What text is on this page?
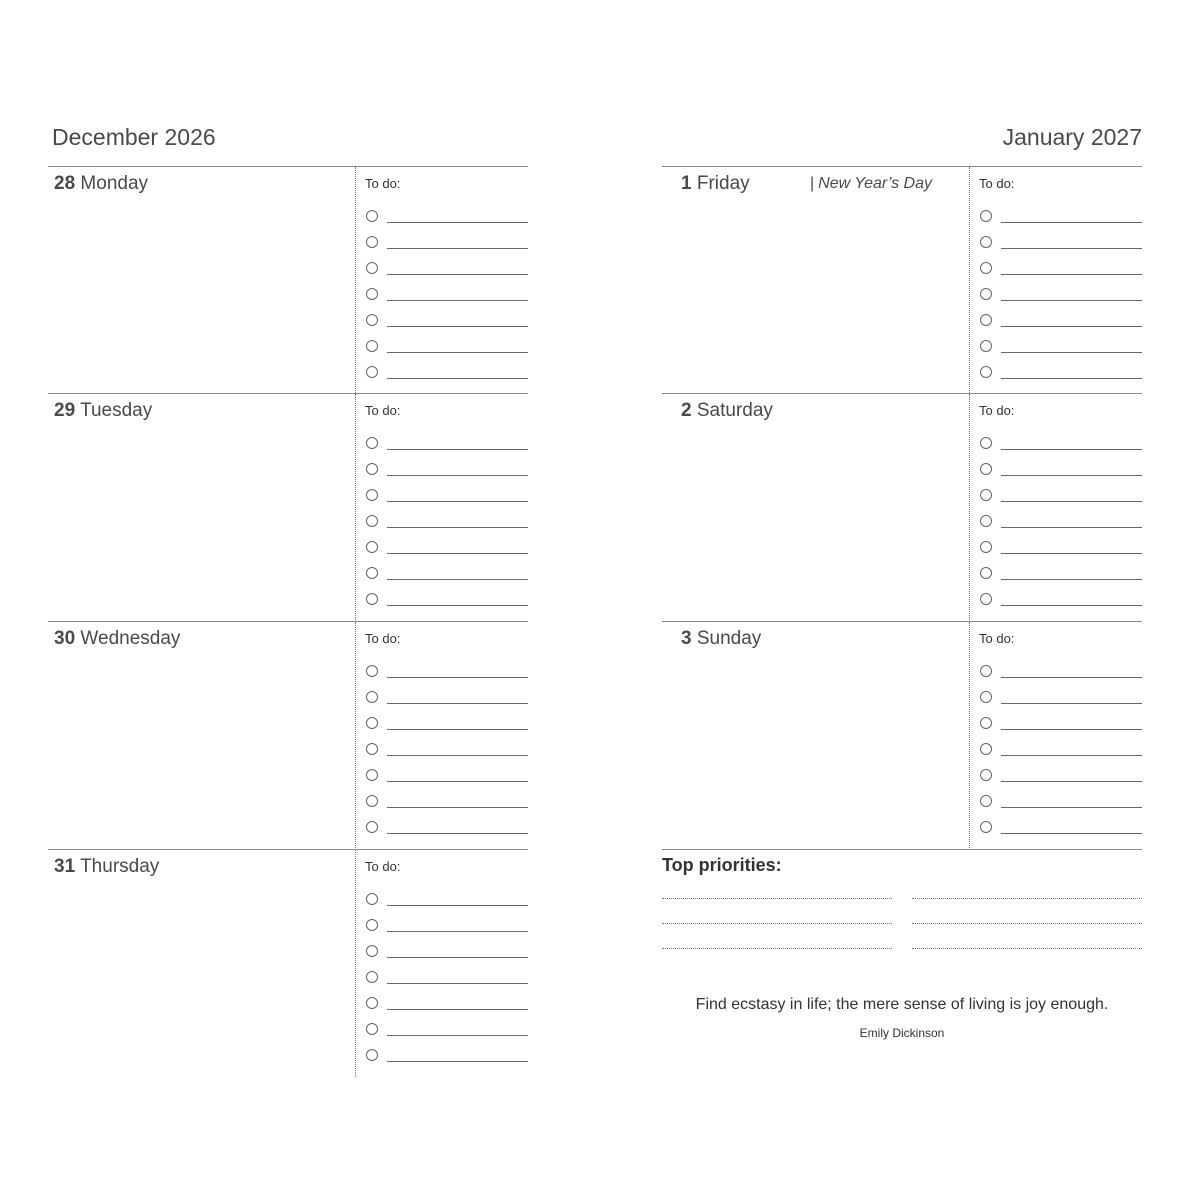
December 2026
28 Monday	To do:
29 Tuesday	To do:
30 Wednesday	To do:
31 Thursday	To do:
January 2027
1 Friday	| New Year’s Day	To do:
2 Saturday	To do:
3 Sunday	To do:
Top priorities:
Find ecstasy in life; the mere sense of living is joy enough.
Emily Dickinson
